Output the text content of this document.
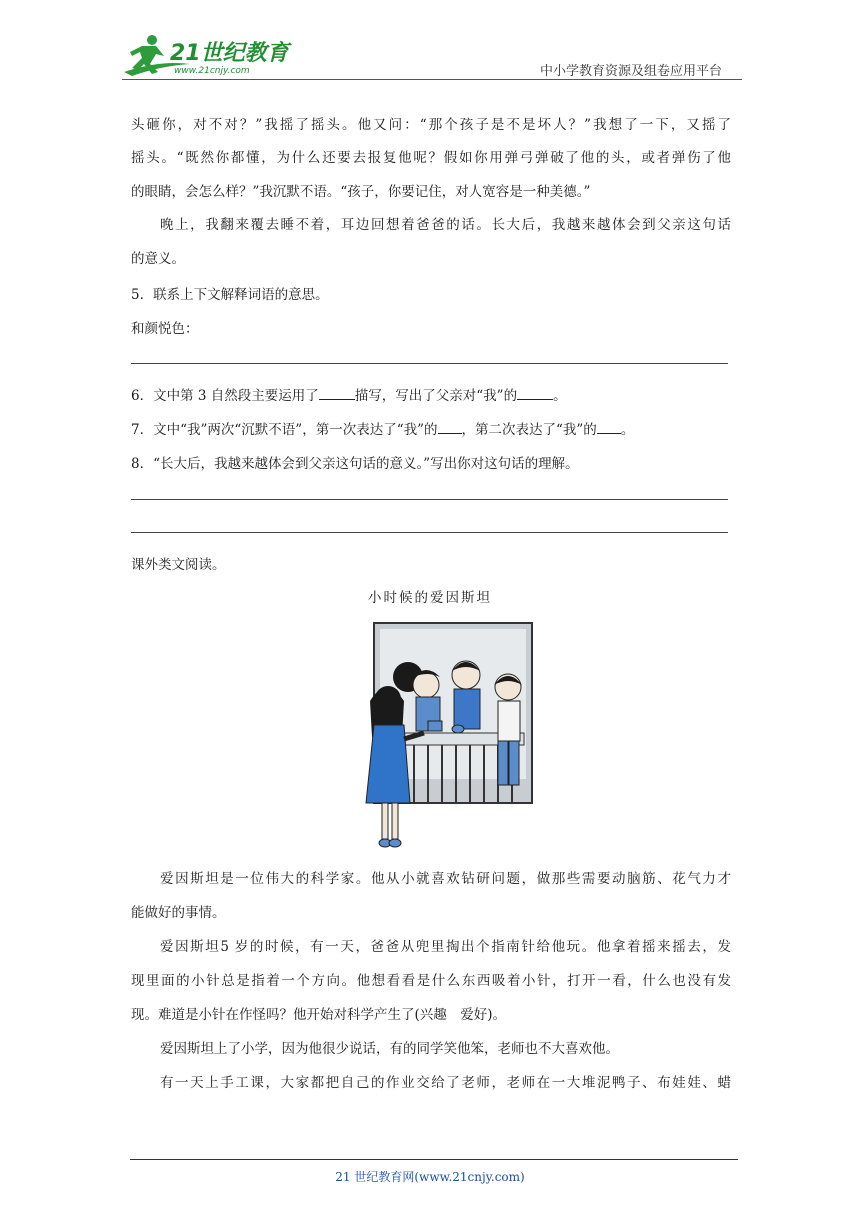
21世纪教育
www.21cnjy.com	中小学教育资源及组卷应用平台
头砸你，对不对？”我摇了摇头。他又问：“那个孩子是不是坏人？”我想了一下，又摇了
摇头。“既然你都懂，为什么还要去报复他呢？假如你用弹弓弹破了他的头，或者弹伤了他
的眼睛，会怎么样？”我沉默不语。“孩子，你要记住，对人宽容是一种美德。”
晚上，我翻来覆去睡不着，耳边回想着爸爸的话。长大后，我越来越体会到父亲这句话
的意义。
5．联系上下文解释词语的意思。
和颜悦色：
6．文中第 3 自然段主要运用了	描写，写出了父亲对“我”的	。
7．文中“我”两次“沉默不语”，第一次表达了“我”的 ，第二次表达了“我”的 。
8．“长大后，我越来越体会到父亲这句话的意义。”写出你对这句话的理解。
课外类文阅读。
小时候的爱因斯坦
爱因斯坦是一位伟大的科学家。他从小就喜欢钻研问题，做那些需要动脑筋、花气力才
能做好的事情。
爱因斯坦5 岁的时候，有一天，爸爸从兜里掏出个指南针给他玩。他拿着摇来摇去，发
现里面的小针总是指着一个方向。他想看看是什么东西吸着小针，打开一看，什么也没有发
现。难道是小针在作怪吗？他开始对科学产生了(兴趣　爱好)。
爱因斯坦上了小学，因为他很少说话，有的同学笑他笨，老师也不大喜欢他。
有一天上手工课，大家都把自己的作业交给了老师，老师在一大堆泥鸭子、布娃娃、蜡
21 世纪教育网(www.21cnjy.com)
